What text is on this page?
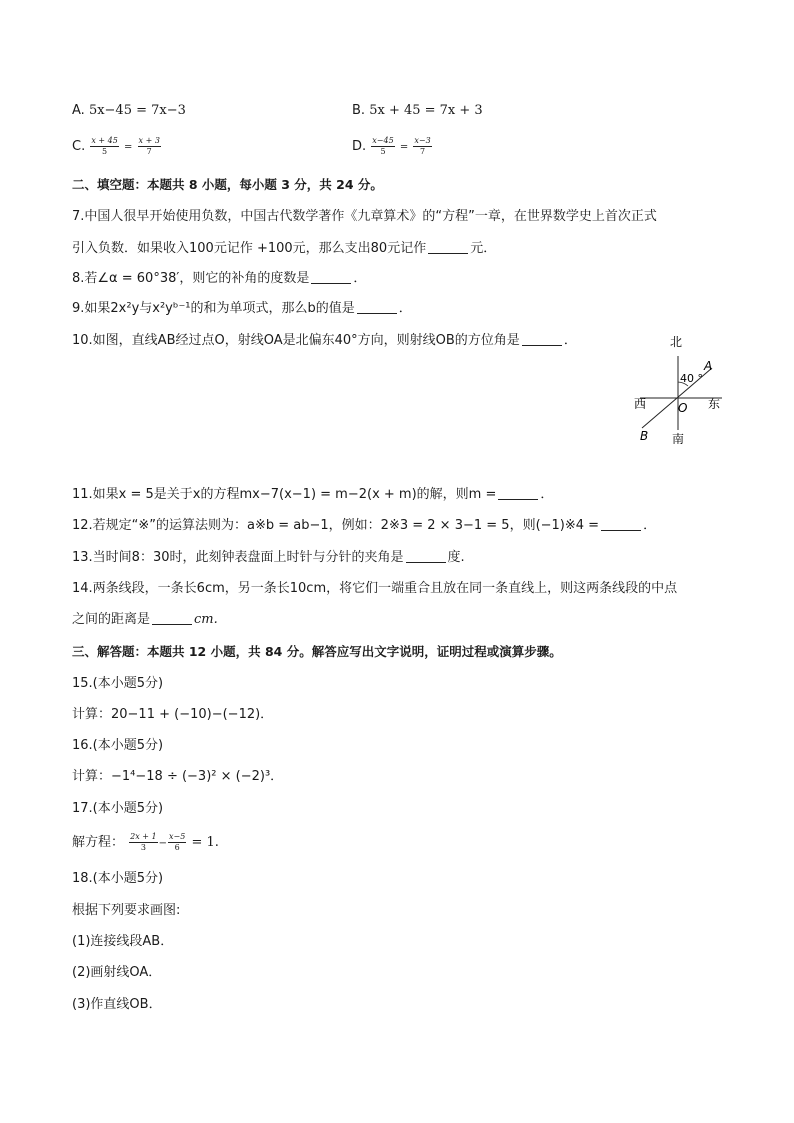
A. 5x−45 = 7x−3	B. 5x + 45 = 7x + 3
C. $\frac{x + 45}{5} = \frac{x + 3}{7}$	D. $\frac{x-45}{5} = \frac{x-3}{7}$
二、填空题：本题共 8 小题，每小题 3 分，共 24 分。
7.中国人很早开始使用负数，中国古代数学著作《九章算术》的“方程”一章，在世界数学史上首次正式
引入负数．如果收入100元记作 +100元，那么支出80元记作	元．
8.若∠α = 60°38′，则它的补角的度数是	．
9.如果2x²y与x²yᵇ⁻¹的和为单项式，那么b的值是	．
10.如图，直线AB经过点O，射线OA是北偏东40°方向，则射线OB的方位角是	．	北
南
西	东
40 °
A
B
O
11.如果x = 5是关于x的方程mx−7(x−1) = m−2(x + m)的解，则m =	．
12.若规定“※”的运算法则为：a※b = ab−1，例如：2※3 = 2 × 3−1 = 5，则(−1)※4 =	．
13.当时间8：30时，此刻钟表盘面上时针与分针的夹角是	度.
14.两条线段，一条长6cm，另一条长10cm，将它们一端重合且放在同一条直线上，则这两条线段的中点
之间的距离是	cm.
三、解答题：本题共 12 小题，共 84 分。解答应写出文字说明，证明过程或演算步骤。
15.(本小题5分)
计算：20−11 + (−10)−(−12)．
16.(本小题5分)
计算：−1⁴−18 ÷ (−3)² × (−2)³．
17.(本小题5分)
解方程： $\frac{2x + 1}{3} - \frac{x-5}{6} = 1$.
18.(本小题5分)
根据下列要求画图:
(1)连接线段AB．
(2)画射线OA．
(3)作直线OB．
